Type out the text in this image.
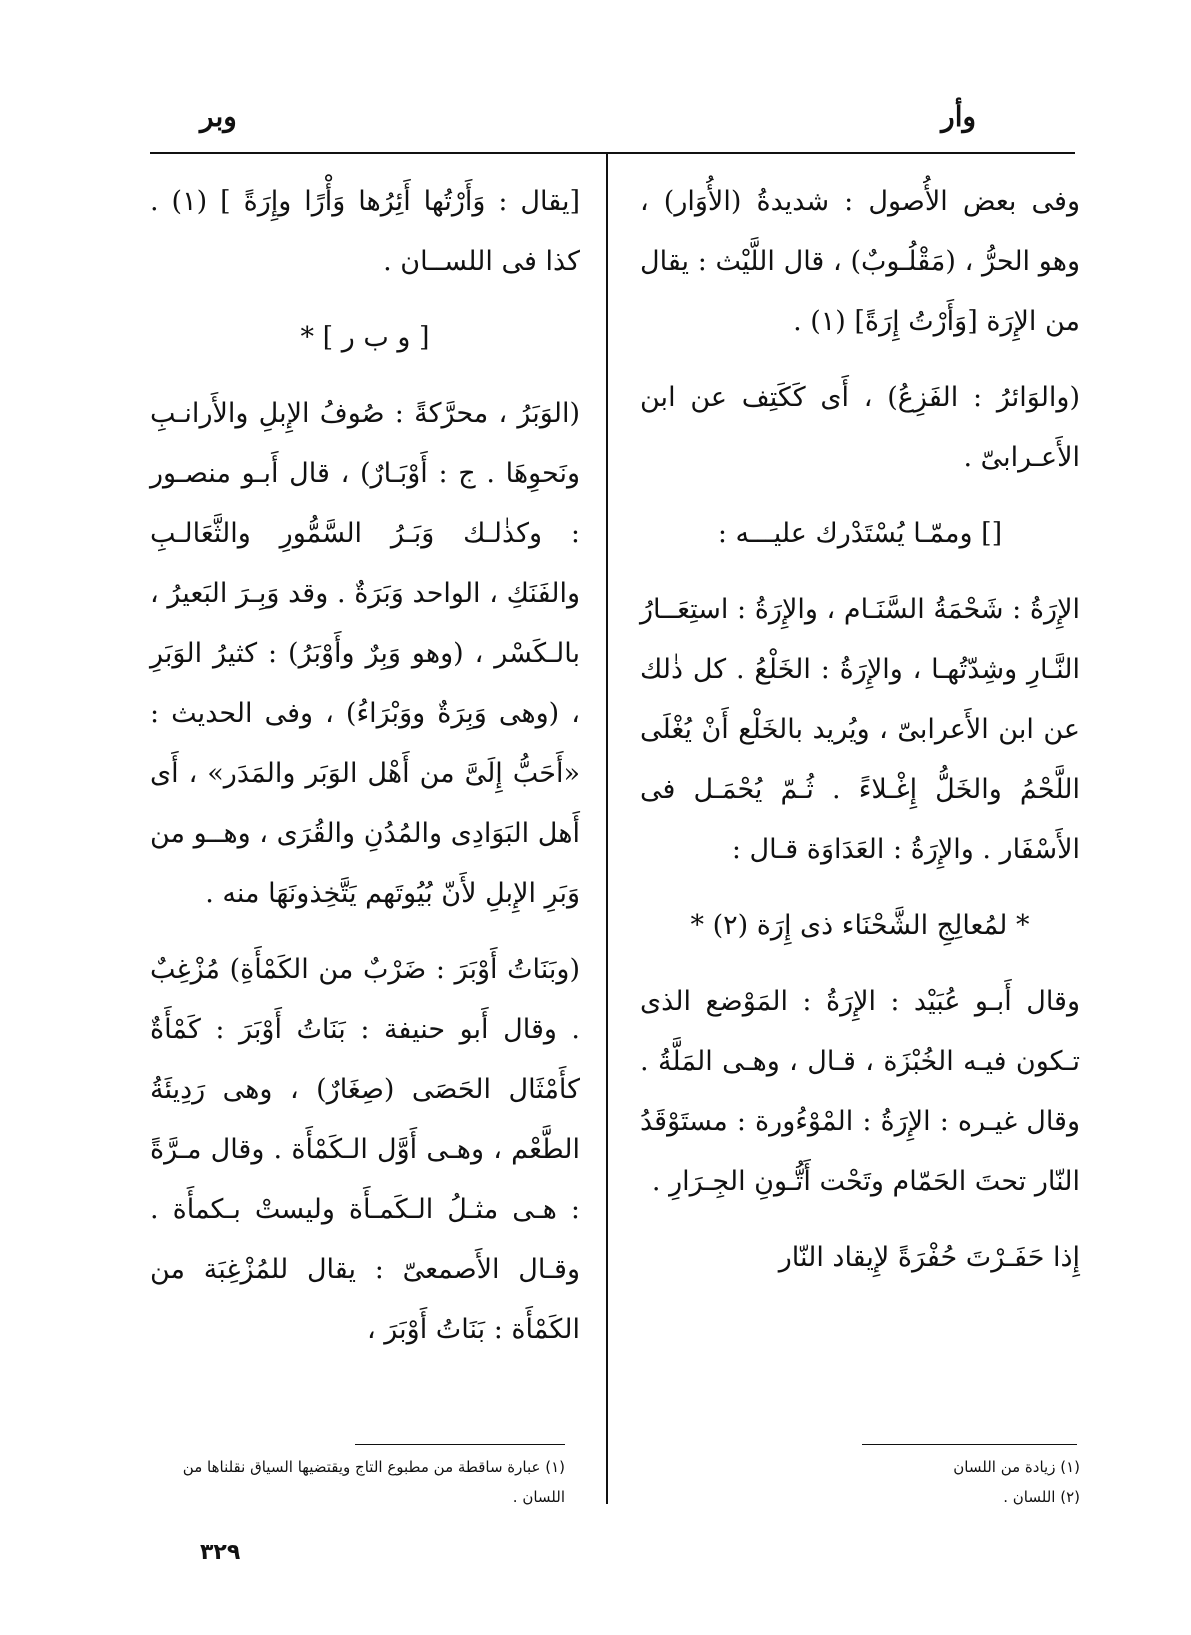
وأر
وبر

وفى بعض الأُصول : شديدةُ (الأُوَار) ، وهو الحرُّ ، (مَقْلُـوبٌ) ، قال اللَّيْث : يقال من الإِرَة [وَأَرْتُ إِرَةً] (١) .

(والوَائرُ : الفَزِعُ) ، أَى كَكَتِف عن ابن الأَعـرابىّ .

[] وممّـا يُسْتَدْرك عليـــه :

الإِرَةُ : شَحْمَةُ السَّنَـام ، والإِرَةُ : استِعَــارُ النَّـارِ وشِدّتُهـا ، والإِرَةُ : الخَلْعُ . كل ذٰلك عن ابن الأَعرابىّ ، ويُريد بالخَلْع أَنْ يُغْلَى اللَّحْمُ والخَلُّ إِغْـلاءً . ثُـمّ يُحْمَـل فى الأَسْفَار . والإِرَةُ : العَدَاوَة قـال :

* لمُعالِجِ الشَّحْنَاء ذى إِرَة (٢) *

وقال أَبـو عُبَيْد : الإِرَةُ : المَوْضع الذى تـكون فيـه الخُبْزَة ، قـال ، وهـى المَلَّةُ . وقال غيـره : الإِرَةُ : المْوْءُورة : مستَوْقَدُ النّار تحتَ الحَمّام وتَحْت أَتُّـونِ الجِـرَارِ .

إِذا حَفَـرْتَ حُفْرَةً لإِيقاد النّار

[يقال : وَأَرْتُها أَئِرُها وَأْرًا وإِرَةً ] (١) . كذا فى اللســان .

[ و ب ر ] *

(الوَبَرُ ، محرَّكةً : صُوفُ الإِبلِ والأَرانـبِ ونَحوِهَا . ج : أَوْبَـارٌ) ، قال أَبـو منصـور : وكذٰلـك وَبَـرُ السَّمُّورِ والثَّعَالـبِ والفَنَكِ ، الواحد وَبَرَةٌ . وقد وَبِـرَ البَعيرُ ، بالـكَسْر ، (وهو وَبِرٌ وأَوْبَرُ) : كثيرُ الوَبَرِ ، (وهى وَبِرَةٌ ووَبْرَاءُ) ، وفى الحديث : «أَحَبُّ إِلَىَّ من أَهْل الوَبَر والمَدَر» ، أَى أَهل البَوَادِى والمُدُنِ والقُرَى ، وهــو من وَبَرِ الإِبلِ لأَنّ بُيُوتَهم يَتَّخِذونَهَا منه .

(وبَنَاتُ أَوْبَرَ : ضَرْبٌ من الكَمْأَةِ) مُزْغِبٌ . وقال أَبو حنيفة : بَنَاتُ أَوْبَرَ : كَمْأَةٌ كأَمْثَال الحَصَى (صِغَارٌ) ، وهى رَدِيئَةُ الطَّعْم ، وهـى أَوَّل الـكَمْأَة . وقال مـرَّةً : هـى مثـلُ الـكَمـأَة وليستْ بـكمأَة . وقـال الأَصمعىّ : يقال للمُزْغِبَة من الكَمْأَة : بَنَاتُ أَوْبَرَ ،

(١) زيادة من اللسان
(٢) اللسان .
(١) عبارة ساقطة من مطبوع التاج ويقتضيها السياق نقلناها من اللسان .
٣٢٩
